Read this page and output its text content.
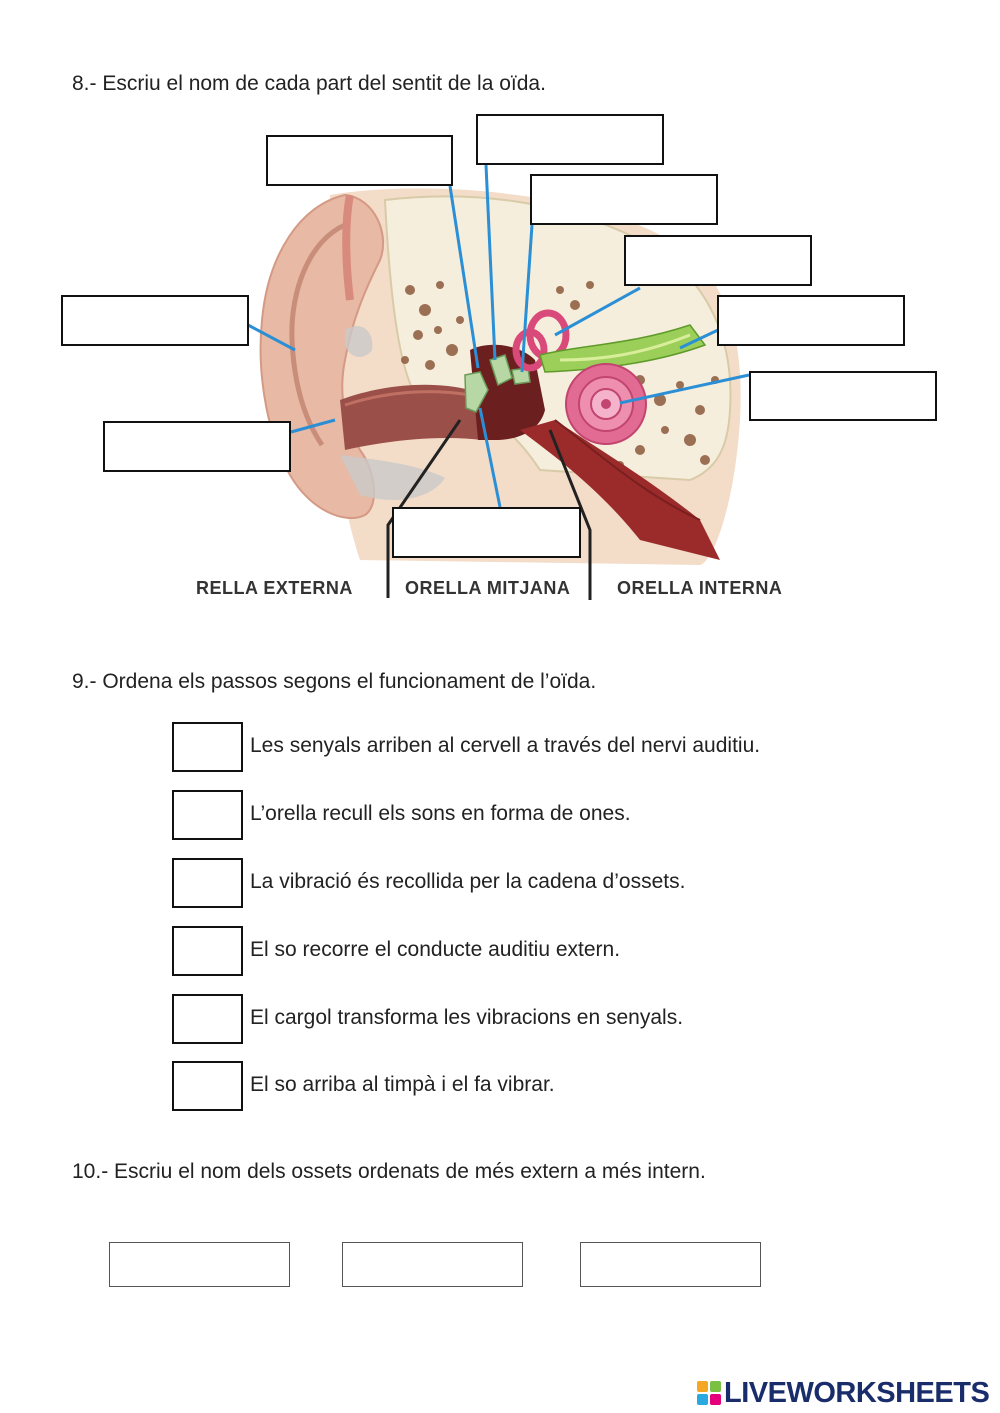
8.- Escriu el nom de cada part del sentit de la oïda.
RELLA EXTERNA	ORELLA MITJANA	ORELLA INTERNA
9.- Ordena els passos segons el funcionament de l’oïda.
Les senyals arriben al cervell a través del nervi auditiu.
L’orella recull els sons en forma de ones.
La vibració és recollida per la cadena d’ossets.
El so recorre el conducte auditiu extern.
El cargol transforma les vibracions en senyals.
El so arriba al timpà i el fa vibrar.
10.- Escriu el nom dels ossets ordenats de més extern a més intern.
LIVEWORKSHEETS
